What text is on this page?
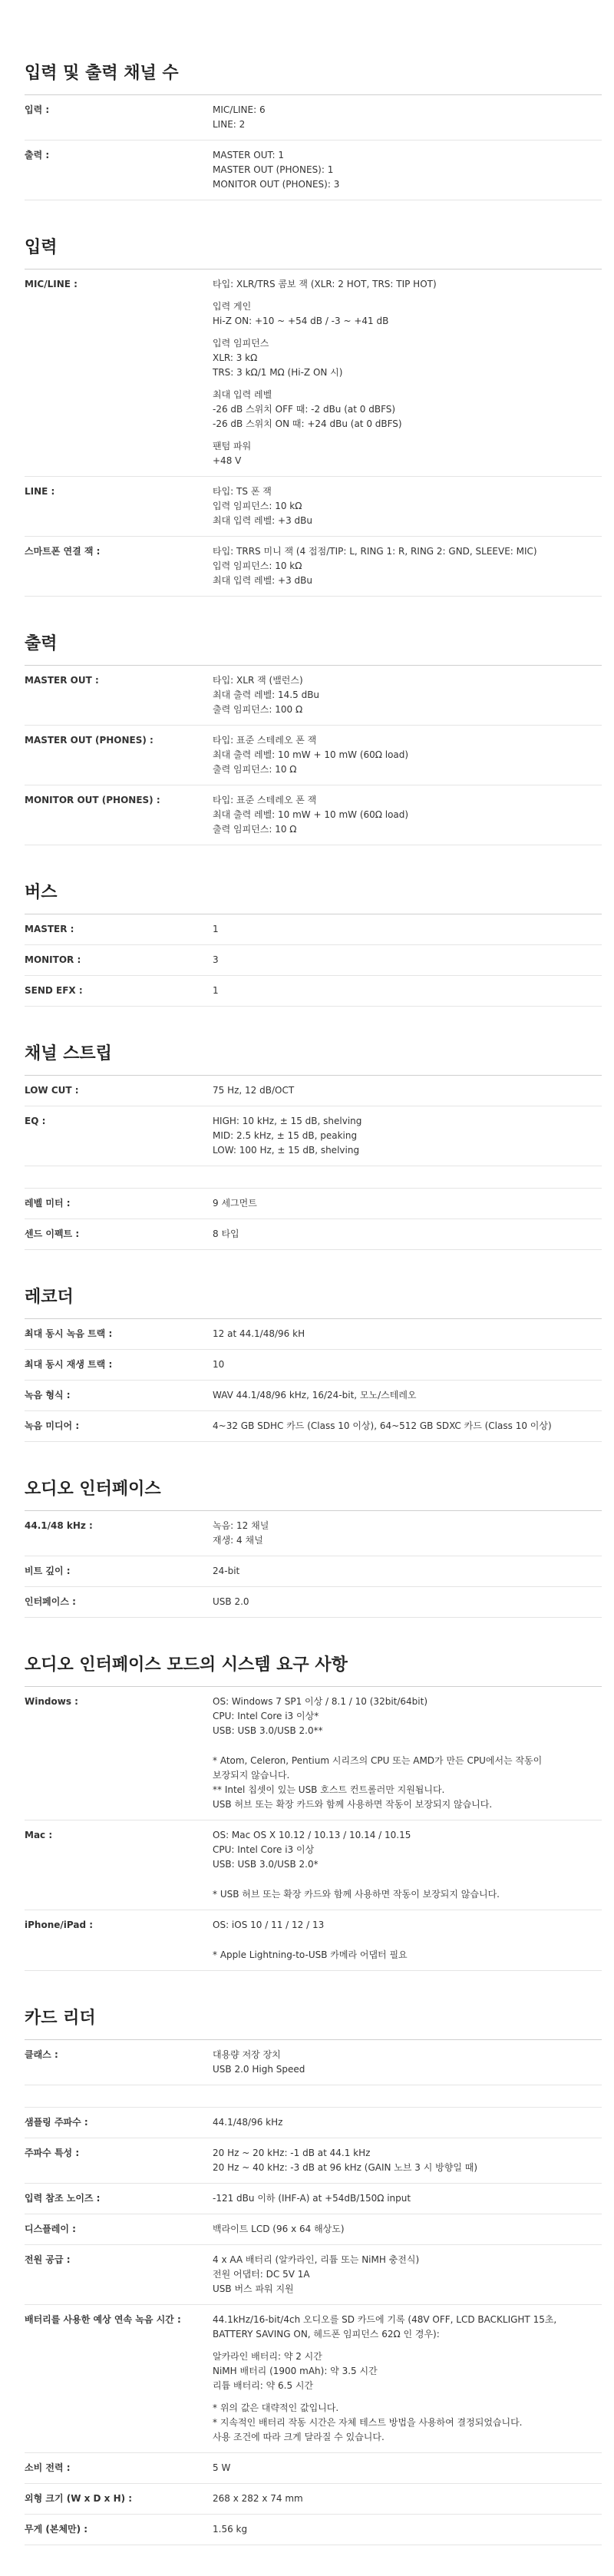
입력 및 출력 채널 수
입력 :	MIC/LINE: 6
LINE: 2
출력 :	MASTER OUT: 1
MASTER OUT (PHONES): 1
MONITOR OUT (PHONES): 3
입력
MIC/LINE :	타입: XLR/TRS 콤보 잭 (XLR: 2 HOT, TRS: TIP HOT)
입력 게인
Hi-Z ON: +10 ~ +54 dB / -3 ~ +41 dB
입력 임피던스
XLR: 3 kΩ
TRS: 3 kΩ/1 MΩ (Hi-Z ON 시)
최대 입력 레벨
-26 dB 스위치 OFF 때: -2 dBu (at 0 dBFS)
-26 dB 스위치 ON 때: +24 dBu (at 0 dBFS)
팬텀 파워
+48 V
LINE :	타입: TS 폰 잭
입력 임피던스: 10 kΩ
최대 입력 레벨: +3 dBu
스마트폰 연결 잭 :	타입: TRRS 미니 잭 (4 접점/TIP: L, RING 1: R, RING 2: GND, SLEEVE: MIC)
입력 임피던스: 10 kΩ
최대 입력 레벨: +3 dBu
출력
MASTER OUT :	타입: XLR 잭 (밸런스)
최대 출력 레벨: 14.5 dBu
출력 임피던스: 100 Ω
MASTER OUT (PHONES) :	타입: 표준 스테레오 폰 잭
최대 출력 레벨: 10 mW + 10 mW (60Ω load)
출력 임피던스: 10 Ω
MONITOR OUT (PHONES) :	타입: 표준 스테레오 폰 잭
최대 출력 레벨: 10 mW + 10 mW (60Ω load)
출력 임피던스: 10 Ω
버스
MASTER :	1
MONITOR :	3
SEND EFX :	1
채널 스트립
LOW CUT :	75 Hz, 12 dB/OCT
EQ :	HIGH: 10 kHz, ± 15 dB, shelving
MID: 2.5 kHz, ± 15 dB, peaking
LOW: 100 Hz, ± 15 dB, shelving
레벨 미터 :	9 세그먼트
센드 이펙트 :	8 타입
레코더
최대 동시 녹음 트랙 :	12 at 44.1/48/96 kH
최대 동시 재생 트랙 :	10
녹음 형식 :	WAV 44.1/48/96 kHz, 16/24-bit, 모노/스테레오
녹음 미디어 :	4~32 GB SDHC 카드 (Class 10 이상), 64~512 GB SDXC 카드 (Class 10 이상)
오디오 인터페이스
44.1/48 kHz :	녹음: 12 채널
재생: 4 채널
비트 깊이 :	24-bit
인터페이스 :	USB 2.0
오디오 인터페이스 모드의 시스템 요구 사항
Windows :	OS: Windows 7 SP1 이상 / 8.1 / 10 (32bit/64bit)
CPU: Intel Core i3 이상*
USB: USB 3.0/USB 2.0**
* Atom, Celeron, Pentium 시리즈의 CPU 또는 AMD가 만든 CPU에서는 작동이
보장되지 않습니다.
** Intel 칩셋이 있는 USB 호스트 컨트롤러만 지원됩니다.
USB 허브 또는 확장 카드와 함께 사용하면 작동이 보장되지 않습니다.
Mac :	OS: Mac OS X 10.12 / 10.13 / 10.14 / 10.15
CPU: Intel Core i3 이상
USB: USB 3.0/USB 2.0*
* USB 허브 또는 확장 카드와 함께 사용하면 작동이 보장되지 않습니다.
iPhone/iPad :	OS: iOS 10 / 11 / 12 / 13
* Apple Lightning-to-USB 카메라 어댑터 필요
카드 리더
클래스 :	대용량 저장 장치
USB 2.0 High Speed
샘플링 주파수 :	44.1/48/96 kHz
주파수 특성 :	20 Hz ~ 20 kHz: -1 dB at 44.1 kHz
20 Hz ~ 40 kHz: -3 dB at 96 kHz (GAIN 노브 3 시 방향일 때)
입력 참조 노이즈 :	-121 dBu 이하 (IHF-A) at +54dB/150Ω input
디스플레이 :	백라이트 LCD (96 x 64 해상도)
전원 공급 :	4 x AA 배터리 (알카라인, 리튬 또는 NiMH 충전식)
전원 어댑터: DC 5V 1A
USB 버스 파워 지원
배터리를 사용한 예상 연속 녹음 시간 :	44.1kHz/16-bit/4ch 오디오를 SD 카드에 기록 (48V OFF, LCD BACKLIGHT 15초,
BATTERY SAVING ON, 헤드폰 임피던스 62Ω 인 경우):
알카라인 배터리: 약 2 시간
NiMH 배터리 (1900 mAh): 약 3.5 시간
리튬 배터리: 약 6.5 시간
* 위의 값은 대략적인 값입니다.
* 지속적인 배터리 작동 시간은 자체 테스트 방법을 사용하여 결정되었습니다.
사용 조건에 따라 크게 달라질 수 있습니다.
소비 전력 :	5 W
외형 크기 (W x D x H) :	268 x 282 x 74 mm
무게 (본체만) :	1.56 kg
